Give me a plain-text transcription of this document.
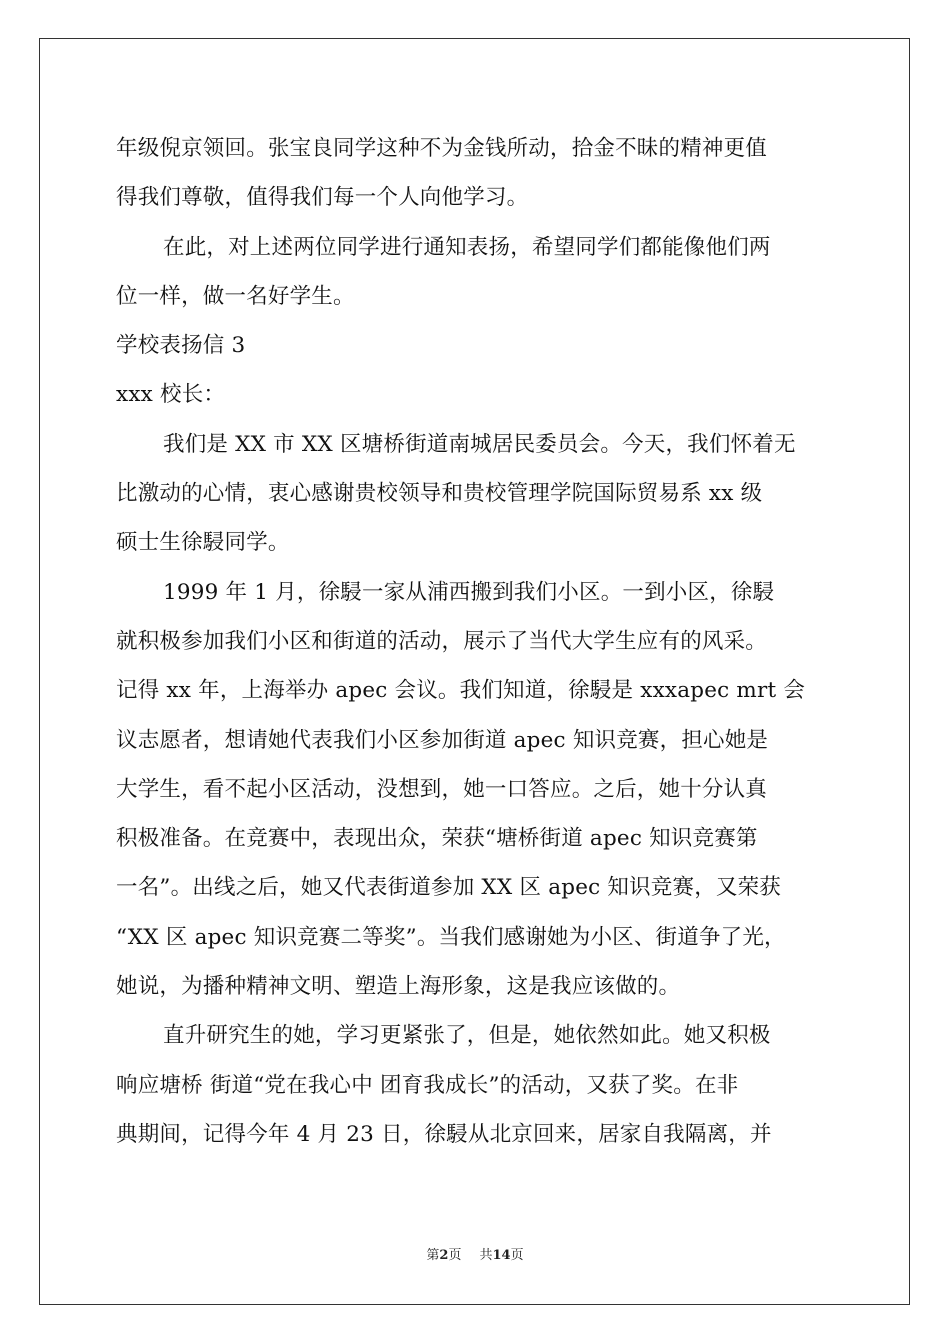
年级倪京领回。张宝良同学这种不为金钱所动，拾金不昧的精神更值
得我们尊敬，值得我们每一个人向他学习。
在此，对上述两位同学进行通知表扬，希望同学们都能像他们两
位一样，做一名好学生。
学校表扬信 3
xxx 校长：
我们是 XX 市 XX 区塘桥街道南城居民委员会。今天，我们怀着无
比激动的心情，衷心感谢贵校领导和贵校管理学院国际贸易系 xx 级
硕士生徐駸同学。
1999 年 1 月，徐駸一家从浦西搬到我们小区。一到小区，徐駸
就积极参加我们小区和街道的活动，展示了当代大学生应有的风采。
记得 xx 年，上海举办 apec 会议。我们知道，徐駸是 xxxapec mrt 会
议志愿者，想请她代表我们小区参加街道 apec 知识竞赛，担心她是
大学生，看不起小区活动，没想到，她一口答应。之后，她十分认真
积极准备。在竞赛中，表现出众，荣获“塘桥街道 apec 知识竞赛第
一名”。出线之后，她又代表街道参加 XX 区 apec 知识竞赛，又荣获
“XX 区 apec 知识竞赛二等奖”。当我们感谢她为小区、街道争了光，
她说，为播种精神文明、塑造上海形象，这是我应该做的。
直升研究生的她，学习更紧张了，但是，她依然如此。她又积极
响应塘桥 街道“党在我心中 团育我成长”的活动，又获了奖。在非
典期间，记得今年 4 月 23 日，徐駸从北京回来，居家自我隔离，并
第2页 共14页
